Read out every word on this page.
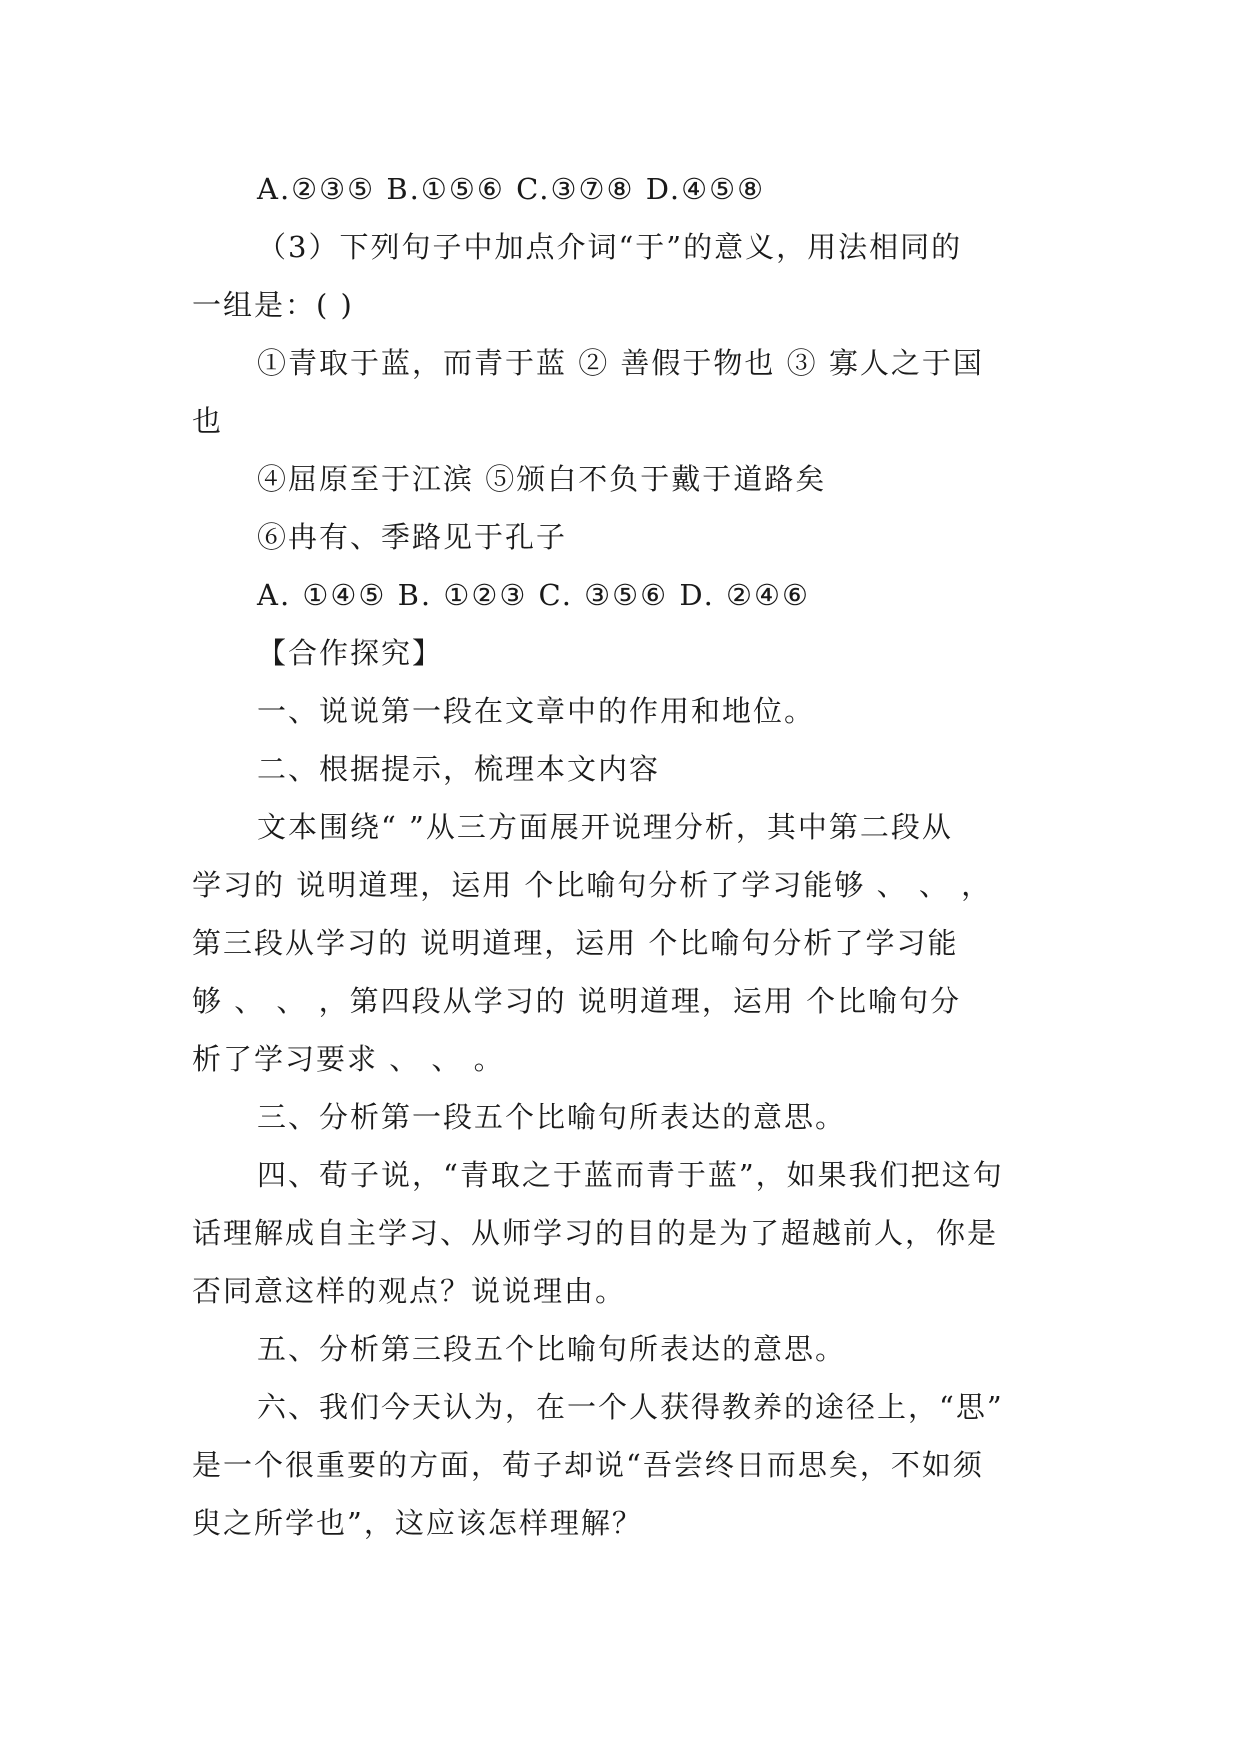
A.②③⑤ B.①⑤⑥ C.③⑦⑧ D.④⑤⑧
（3）下列句子中加点介词“于”的意义，用法相同的
一组是：( )
①青取于蓝，而青于蓝 ② 善假于物也 ③ 寡人之于国
也
④屈原至于江滨 ⑤颁白不负于戴于道路矣
⑥冉有、季路见于孔子
A. ①④⑤ B. ①②③ C. ③⑤⑥ D. ②④⑥
【合作探究】
一、说说第一段在文章中的作用和地位。
二、根据提示，梳理本文内容
文本围绕“ ”从三方面展开说理分析，其中第二段从
学习的 说明道理，运用 个比喻句分析了学习能够 、 、 ，
第三段从学习的 说明道理，运用 个比喻句分析了学习能
够 、 、 ，第四段从学习的 说明道理，运用 个比喻句分
析了学习要求 、 、 。
三、分析第一段五个比喻句所表达的意思。
四、荀子说，“青取之于蓝而青于蓝”，如果我们把这句
话理解成自主学习、从师学习的目的是为了超越前人，你是
否同意这样的观点？说说理由。
五、分析第三段五个比喻句所表达的意思。
六、我们今天认为，在一个人获得教养的途径上，“思”
是一个很重要的方面，荀子却说“吾尝终日而思矣，不如须
臾之所学也”，这应该怎样理解？
